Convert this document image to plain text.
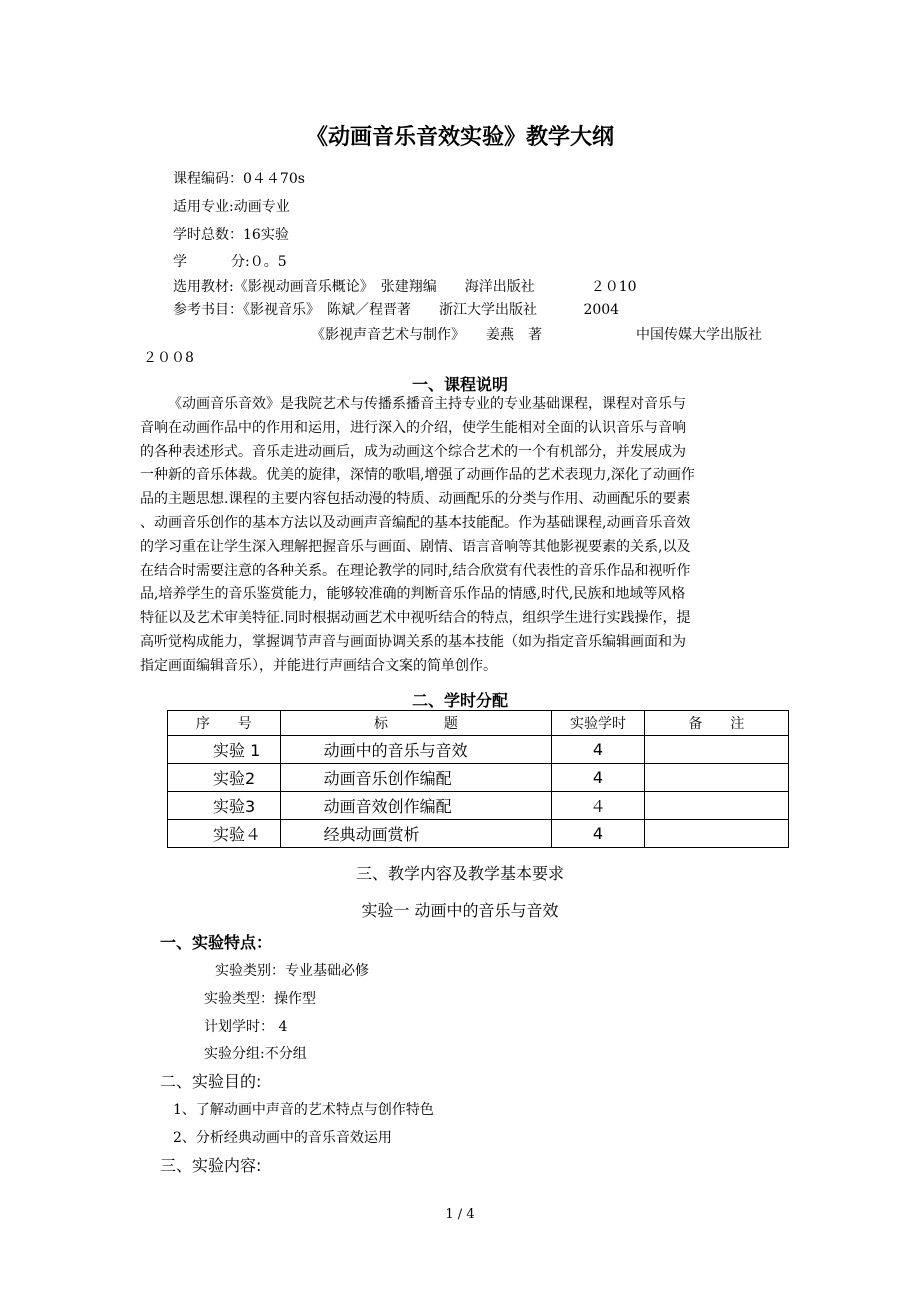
《动画音乐音效实验》教学大纲
课程编码：0４４70s
适用专业:动画专业
学时总数：16实验
学	分:０。5
选用教材:《影视动画音乐概论》　张建翔编　　海洋出版社　　　　２０10
参考书目：《影视音乐》　陈斌／程晋著　　浙江大学出版社　　　 2004
《影视声音艺术与制作》　　姜燕　著	中国传媒大学出版社
２００8
一、课程说明
《动画音乐音效》是我院艺术与传播系播音主持专业的专业基础课程，课程对音乐与
音响在动画作品中的作用和运用，进行深入的介绍，使学生能相对全面的认识音乐与音响
的各种表述形式。音乐走进动画后，成为动画这个综合艺术的一个有机部分，并发展成为
一种新的音乐体裁。优美的旋律，深情的歌唱,增强了动画作品的艺术表现力,深化了动画作
品的主题思想.课程的主要内容包括动漫的特质、动画配乐的分类与作用、动画配乐的要素
、动画音乐创作的基本方法以及动画声音编配的基本技能配。作为基础课程,动画音乐音效
的学习重在让学生深入理解把握音乐与画面、剧情、语言音响等其他影视要素的关系,以及
在结合时需要注意的各种关系。在理论教学的同时,结合欣赏有代表性的音乐作品和视听作
品,培养学生的音乐鉴赏能力，能够较准确的判断音乐作品的情感,时代,民族和地域等风格
特征以及艺术审美特征.同时根据动画艺术中视听结合的特点，组织学生进行实践操作，提
高听觉构成能力，掌握调节声音与画面协调关系的基本技能（如为指定音乐编辑画面和为
指定画面编辑音乐），并能进行声画结合文案的简单创作。
二、学时分配
序　　号	标　　　　题	实验学时	备　　注
实验 1	动画中的音乐与音效	4	
实验2	动画音乐创作编配	4	
实验3	动画音效创作编配	４	
实验４	经典动画赏析	4	
三、教学内容及教学基本要求
实验一 动画中的音乐与音效
一、实验特点：
实验类别：专业基础必修
实验类型：操作型
计划学时： 4
实验分组:不分组
二、实验目的:
1、了解动画中声音的艺术特点与创作特色
2、分析经典动画中的音乐音效运用
三、实验内容:
1 / 4
